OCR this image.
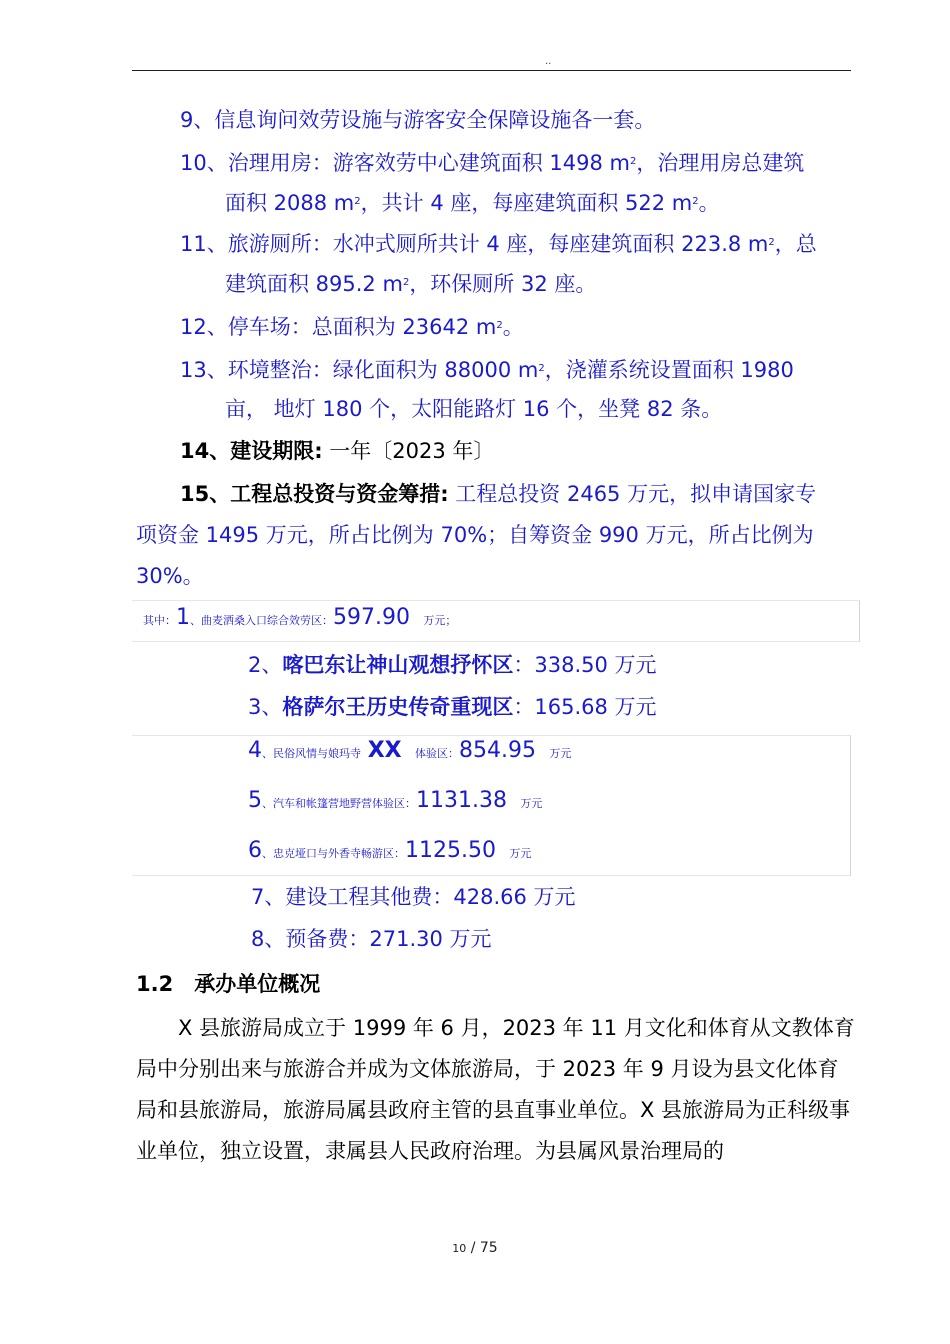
..
9、信息询问效劳设施与游客安全保障设施各一套。
10、治理用房：游客效劳中心建筑面积 1498 $m^2$，治理用房总建筑
面积 2088 $m^2$，共计 4 座，每座建筑面积 522 $m^2$。
11、旅游厕所：水冲式厕所共计 4 座，每座建筑面积 223.8 $m^2$，总
建筑面积 895.2 $m^2$，环保厕所 32 座。
12、停车场：总面积为 23642 $m^2$。
13、环境整治：绿化面积为 88000 $m^2$，浇灌系统设置面积 1980
亩， 地灯 180 个，太阳能路灯 16 个，坐凳 82 条。
14、建设期限: 一年〔2023 年〕
15、工程总投资与资金筹措: 工程总投资 2465 万元，拟申请国家专
项资金 1495 万元，所占比例为 70%；自筹资金 990 万元，所占比例为
30%。
其中：1、曲麦洒桑入口综合效劳区：597.90 万元；
2、喀巴东让神山观想抒怀区：338.50 万元
3、格萨尔王历史传奇重现区：165.68 万元
4、民俗风情与娘玛寺 XX 体验区：854.95 万元
5、汽车和帐篷营地野营体验区：1131.38 万元
6、忠克垭口与外香寺畅游区：1125.50 万元
7、建设工程其他费：428.66 万元
8、预备费：271.30 万元
1.2　承办单位概况
　　X 县旅游局成立于 1999 年 6 月，2023 年 11 月文化和体育从文教体育局中分别出来与旅游合并成为文体旅游局，于 2023 年 9 月设为县文化体育局和县旅游局，旅游局属县政府主管的县直事业单位。X 县旅游局为正科级事业单位，独立设置，隶属县人民政府治理。为县属风景治理局的
10 / 75
